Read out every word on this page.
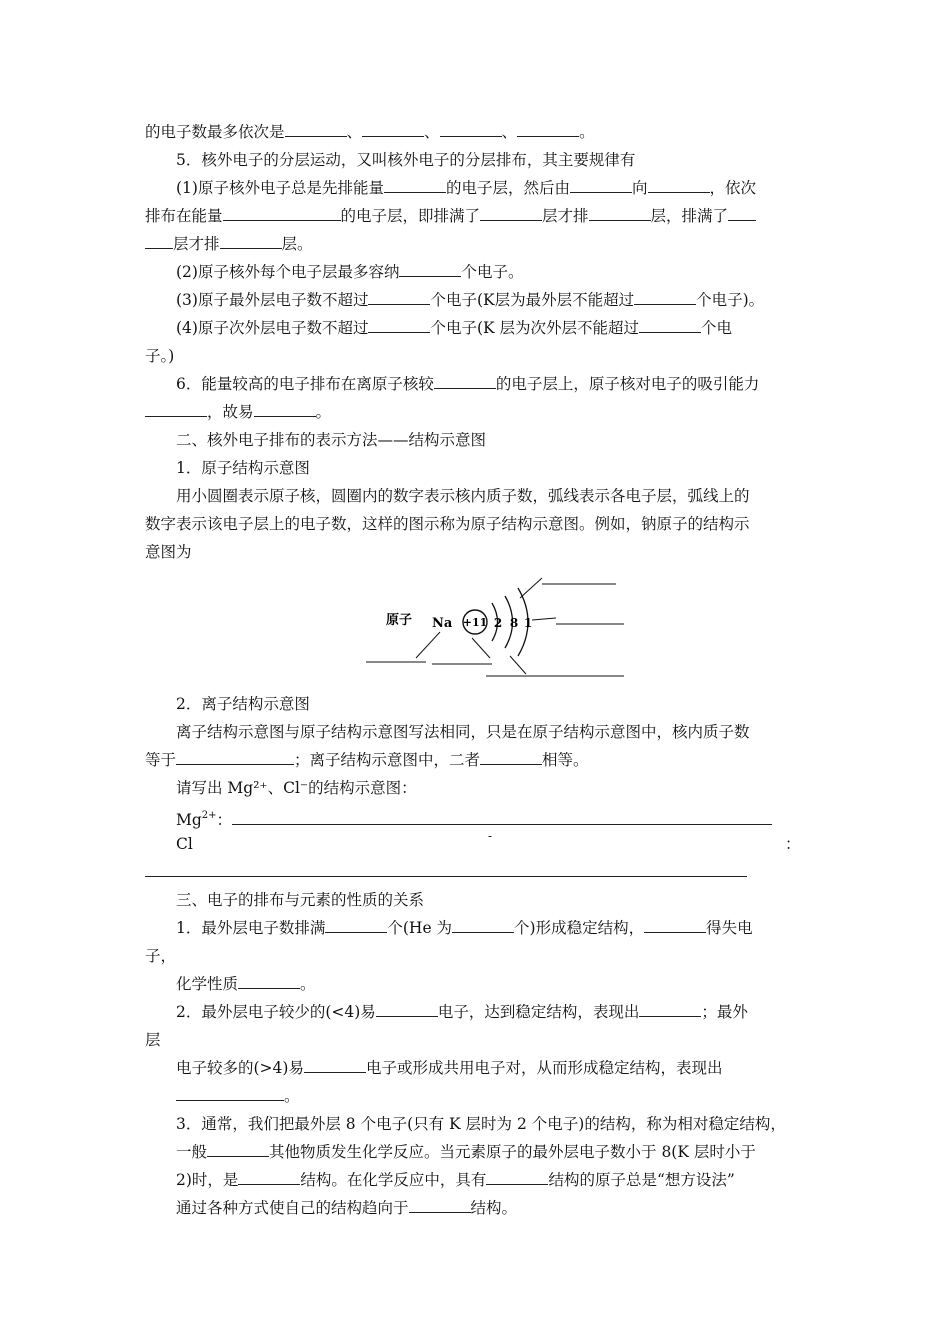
的电子数最多依次是	、	、	、	。
5．核外电子的分层运动，又叫核外电子的分层排布，其主要规律有
(1)原子核外电子总是先排能量	的电子层，然后由	向	，依次
排布在能量	的电子层，即排满了	层才排	层，排满了
层才排	层。
(2)原子核外每个电子层最多容纳	个电子。
(3)原子最外层电子数不超过	个电子(K层为最外层不能超过	个电子)。
(4)原子次外层电子数不超过	个电子(K 层为次外层不能超过	个电
子。)
6．能量较高的电子排布在离原子核较	的电子层上，原子核对电子的吸引能力
，故易	。
二、核外电子排布的表示方法——结构示意图
1．原子结构示意图
用小圆圈表示原子核，圆圈内的数字表示核内质子数，弧线表示各电子层，弧线上的
数字表示该电子层上的电子数，这样的图示称为原子结构示意图。例如，钠原子的结构示
意图为
原子 Na +11 2 8 1
2．离子结构示意图
离子结构示意图与原子结构示意图写法相同，只是在原子结构示意图中，核内质子数
等于	；离子结构示意图中，二者	相等。
请写出 Mg²⁺、Cl⁻的结构示意图：
$Mg^{2+}$：
Cl	-	：
三、电子的排布与元素的性质的关系
1．最外层电子数排满	个(He 为	个)形成稳定结构，	得失电
子，
化学性质	。
2．最外层电子较少的(<4)易	电子，达到稳定结构，表现出	；最外
层
电子较多的(>4)易	电子或形成共用电子对，从而形成稳定结构，表现出
。
3．通常，我们把最外层 8 个电子(只有 K 层时为 2 个电子)的结构，称为相对稳定结构，
一般	其他物质发生化学反应。当元素原子的最外层电子数小于 8(K 层时小于
2)时，是	结构。在化学反应中，具有	结构的原子总是“想方设法”
通过各种方式使自己的结构趋向于	结构。
